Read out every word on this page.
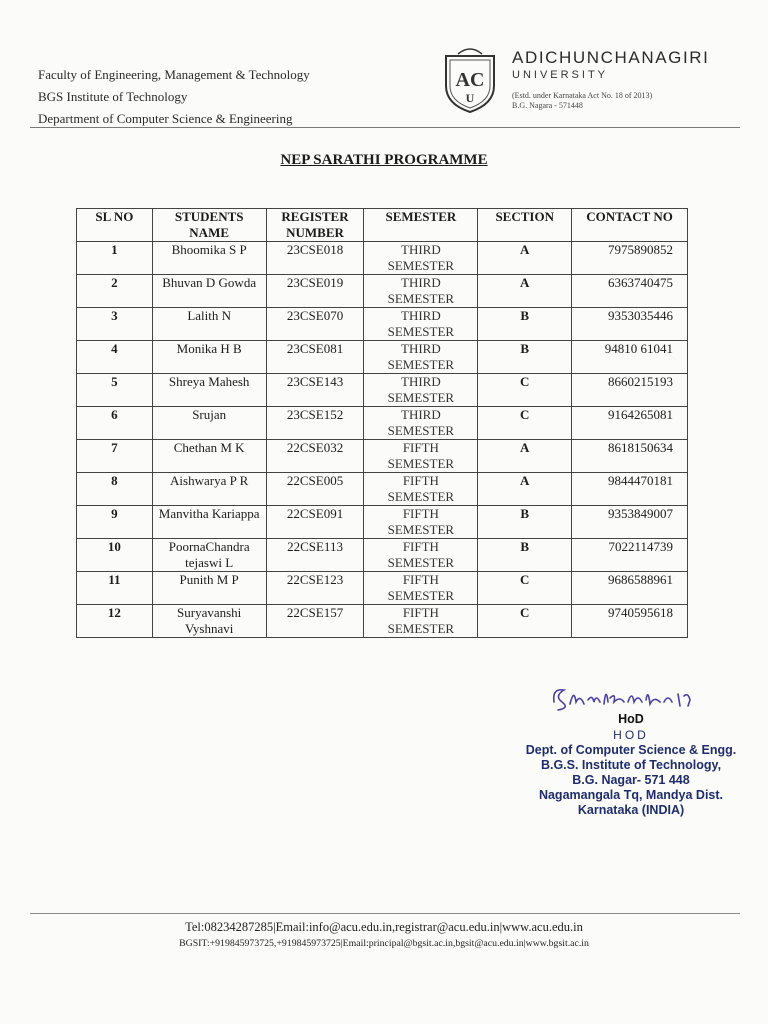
Faculty of Engineering, Management & Technology
BGS Institute of Technology
Department of Computer Science & Engineering
AC
U
ADICHUNCHANAGIRI
UNIVERSITY
(Estd. under Karnataka Act No. 18 of 2013)
B.G. Nagara - 571448
NEP SARATHI PROGRAMME
SL NO	STUDENTS NAME	REGISTER NUMBER	SEMESTER	SECTION	CONTACT NO
1	Bhoomika S P	23CSE018	THIRD SEMESTER	A	7975890852
2	Bhuvan D Gowda	23CSE019	THIRD SEMESTER	A	6363740475
3	Lalith N	23CSE070	THIRD SEMESTER	B	9353035446
4	Monika H B	23CSE081	THIRD SEMESTER	B	94810 61041
5	Shreya Mahesh	23CSE143	THIRD SEMESTER	C	8660215193
6	Srujan	23CSE152	THIRD SEMESTER	C	9164265081
7	Chethan M K	22CSE032	FIFTH SEMESTER	A	8618150634
8	Aishwarya P R	22CSE005	FIFTH SEMESTER	A	9844470181
9	Manvitha Kariappa	22CSE091	FIFTH SEMESTER	B	9353849007
10	PoornaChandra tejaswi L	22CSE113	FIFTH SEMESTER	B	7022114739
11	Punith M P	22CSE123	FIFTH SEMESTER	C	9686588961
12	Suryavanshi Vyshnavi	22CSE157	FIFTH SEMESTER	C	9740595618
HoD
HOD
Dept. of Computer Science & Engg.
B.G.S. Institute of Technology,
B.G. Nagar- 571 448
Nagamangala Tq, Mandya Dist.
Karnataka (INDIA)
Tel:08234287285|Email:info@acu.edu.in,registrar@acu.edu.in|www.acu.edu.in
BGSIT:+919845973725,+919845973725|Email:principal@bgsit.ac.in,bgsit@acu.edu.in|www.bgsit.ac.in
